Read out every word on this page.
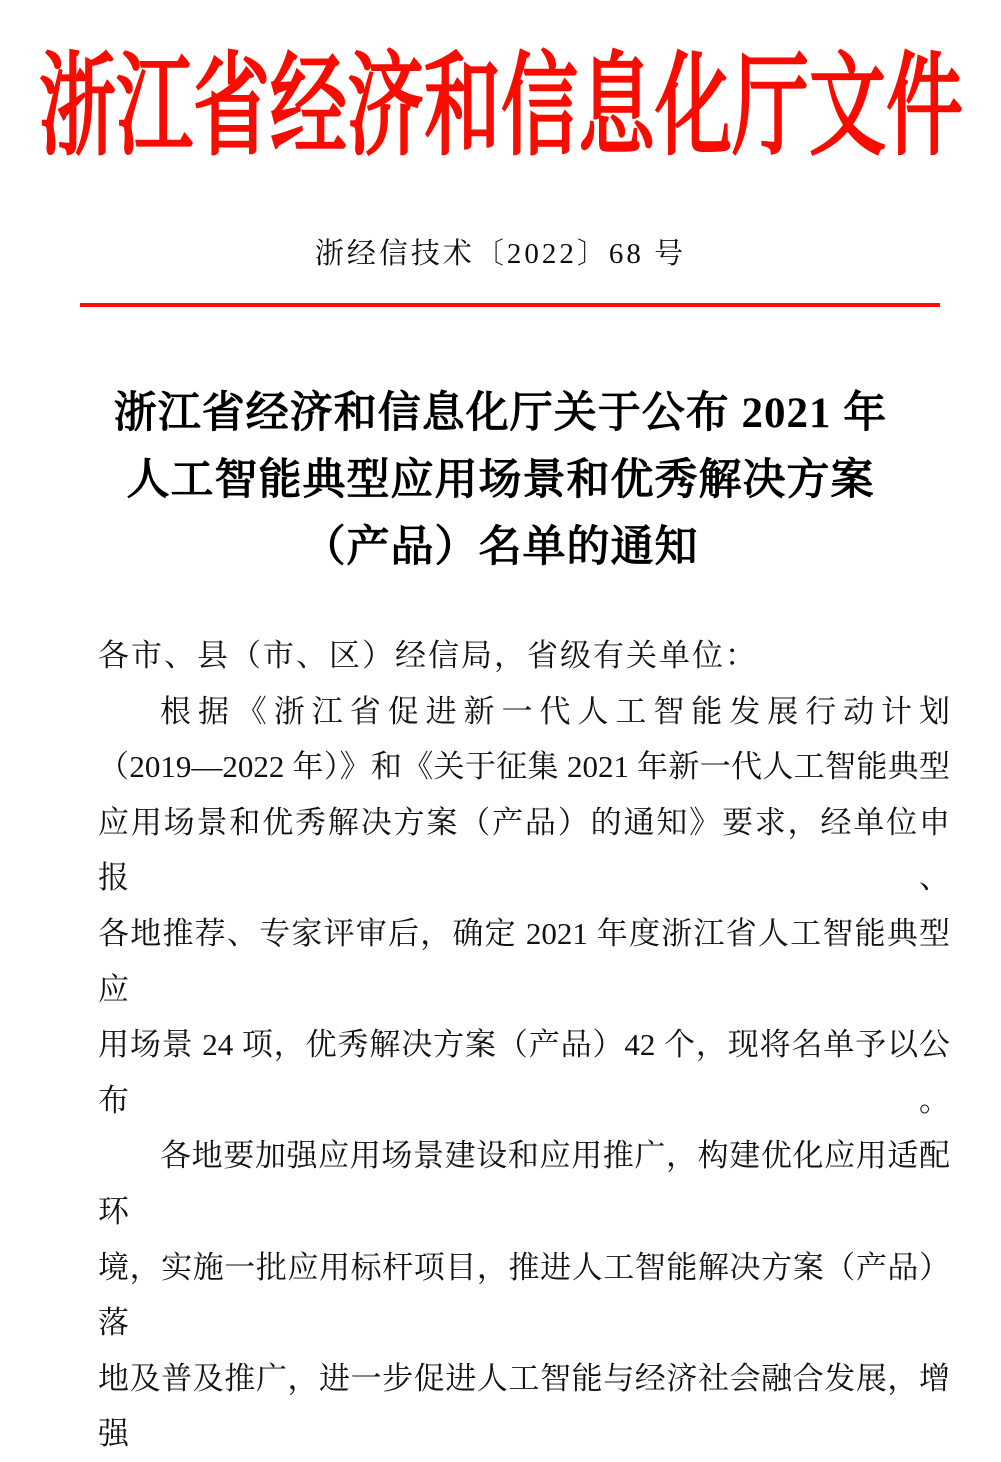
浙江省经济和信息化厅文件
浙经信技术〔2022〕68 号
浙江省经济和信息化厅关于公布 2021 年
人工智能典型应用场景和优秀解决方案
（产品）名单的通知
各市、县（市、区）经信局，省级有关单位：
根据《浙江省促进新一代人工智能发展行动计划
（2019—2022 年）》和《关于征集 2021 年新一代人工智能典型
应用场景和优秀解决方案（产品）的通知》要求，经单位申报、
各地推荐、专家评审后，确定 2021 年度浙江省人工智能典型应
用场景 24 项，优秀解决方案（产品）42 个，现将名单予以公布。
各地要加强应用场景建设和应用推广，构建优化应用适配环
境，实施一批应用标杆项目，推进人工智能解决方案（产品）落
地及普及推广，进一步促进人工智能与经济社会融合发展，增强
